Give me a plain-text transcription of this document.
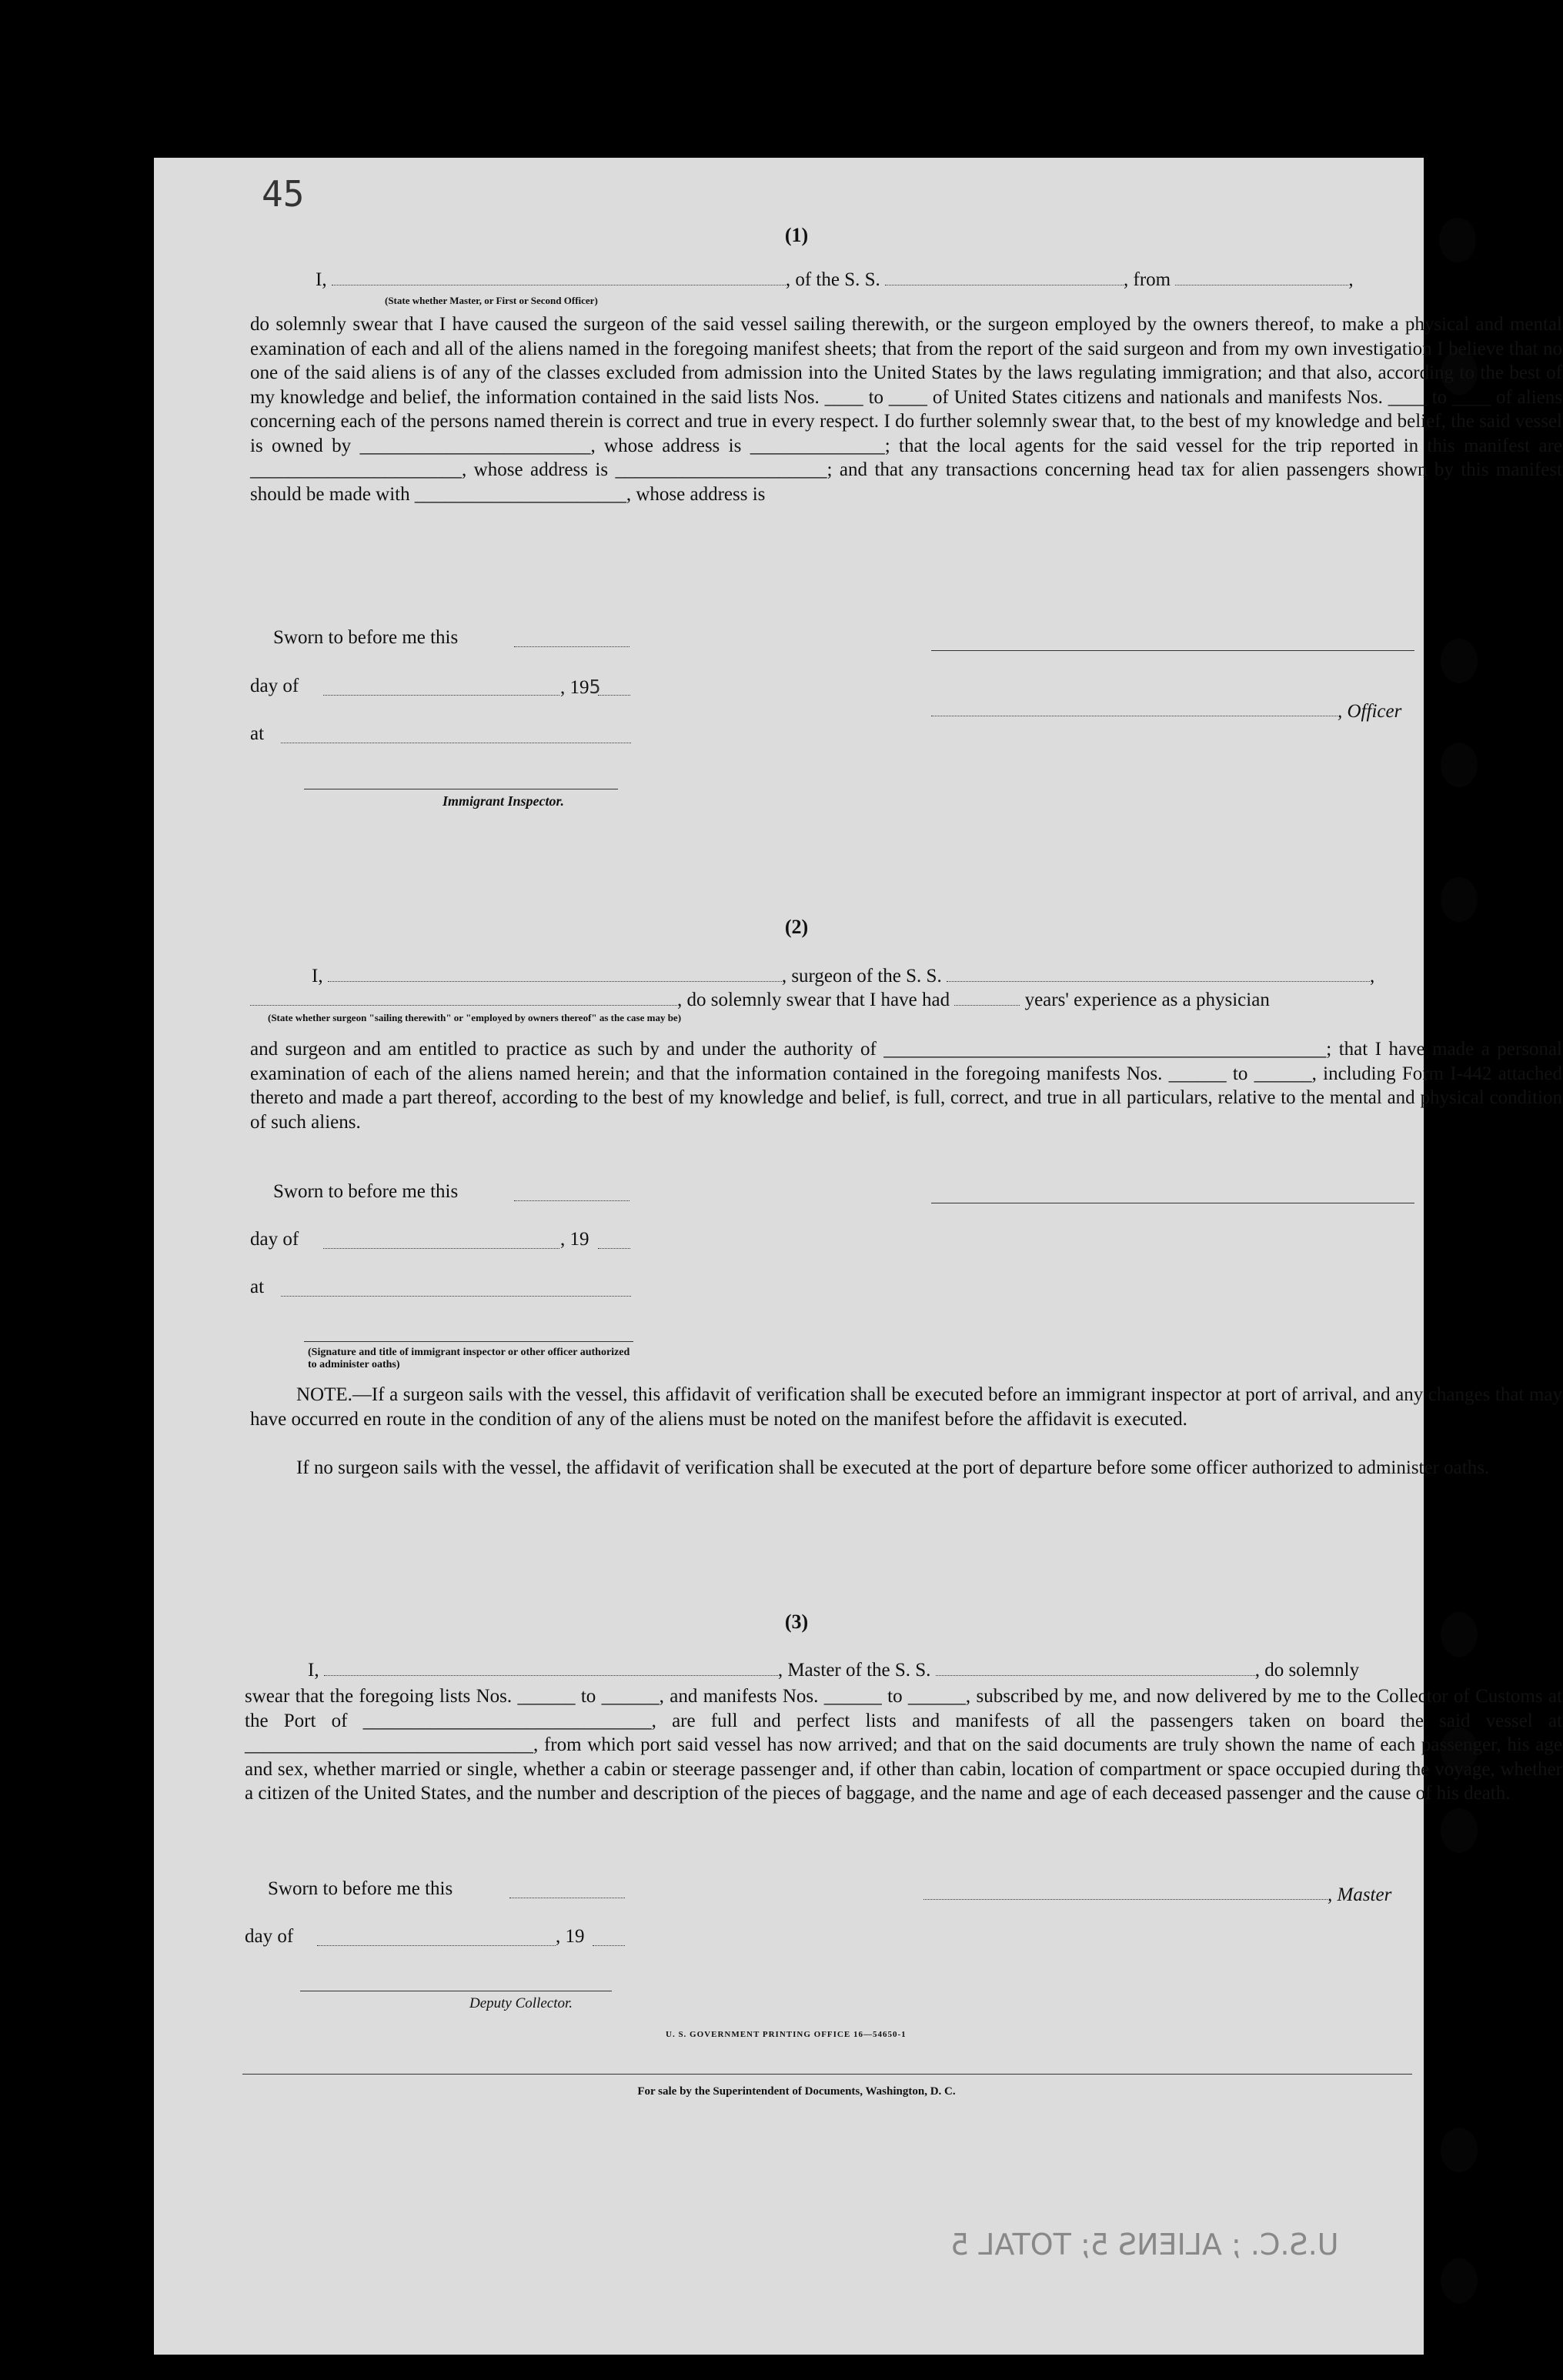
45
(1)
I,	, of the S. S.	, from	,
(State whether Master, or First or Second Officer)

do solemnly swear that I have caused the surgeon of the said vessel sailing therewith, or the surgeon employed by the owners thereof, to make a physical and mental examination of each and all of the aliens named in the foregoing manifest sheets; that from the report of the said surgeon and from my own investigation I believe that no one of the said aliens is of any of the classes excluded from admission into the United States by the laws regulating immigration; and that also, according to the best of my knowledge and belief, the information contained in the said lists Nos. ____ to ____ of United States citizens and nationals and manifests Nos. ____ to ____ of aliens concerning each of the persons named therein is correct and true in every respect. I do further solemnly swear that, to the best of my knowledge and belief, the said vessel is owned by ________________________, whose address is ______________; that the local agents for the said vessel for the trip reported in this manifest are ______________________, whose address is ______________________; and that any transactions concerning head tax for alien passengers shown by this manifest should be made with ______________________, whose address is

Sworn to before me this
day of	, 195
at
Immigrant Inspector.
, Officer
(2)
I,	, surgeon of the S. S.	,
, do solemnly swear that I have had	years' experience as a physician
(State whether surgeon "sailing therewith" or "employed by owners thereof" as the case may be)

and surgeon and am entitled to practice as such by and under the authority of ______________________________________________; that I have made a personal examination of each of the aliens named herein; and that the information contained in the foregoing manifests Nos. ______ to ______, including Form I-442 attached thereto and made a part thereof, according to the best of my knowledge and belief, is full, correct, and true in all particulars, relative to the mental and physical condition of such aliens.

Sworn to before me this
day of	, 19
at
(Signature and title of immigrant inspector or other officer authorized to administer oaths)

NOTE.—If a surgeon sails with the vessel, this affidavit of verification shall be executed before an immigrant inspector at port of arrival, and any changes that may have occurred en route in the condition of any of the aliens must be noted on the manifest before the affidavit is executed.

If no surgeon sails with the vessel, the affidavit of verification shall be executed at the port of departure before some officer authorized to administer oaths.

(3)
I,	, Master of the S. S.	, do solemnly

swear that the foregoing lists Nos. ______ to ______, and manifests Nos. ______ to ______, subscribed by me, and now delivered by me to the Collector of Customs at the Port of ______________________________, are full and perfect lists and manifests of all the passengers taken on board the said vessel at ______________________________, from which port said vessel has now arrived; and that on the said documents are truly shown the name of each passenger, his age and sex, whether married or single, whether a cabin or steerage passenger and, if other than cabin, location of compartment or space occupied during the voyage, whether a citizen of the United States, and the number and description of the pieces of baggage, and the name and age of each deceased passenger and the cause of his death.

Sworn to before me this	, Master
day of	, 19
Deputy Collector.
U. S. GOVERNMENT PRINTING OFFICE 16—54650-1
For sale by the Superintendent of Documents, Washington, D. C.
U.S.C. ; ALIENS 5; TOTAL 5
